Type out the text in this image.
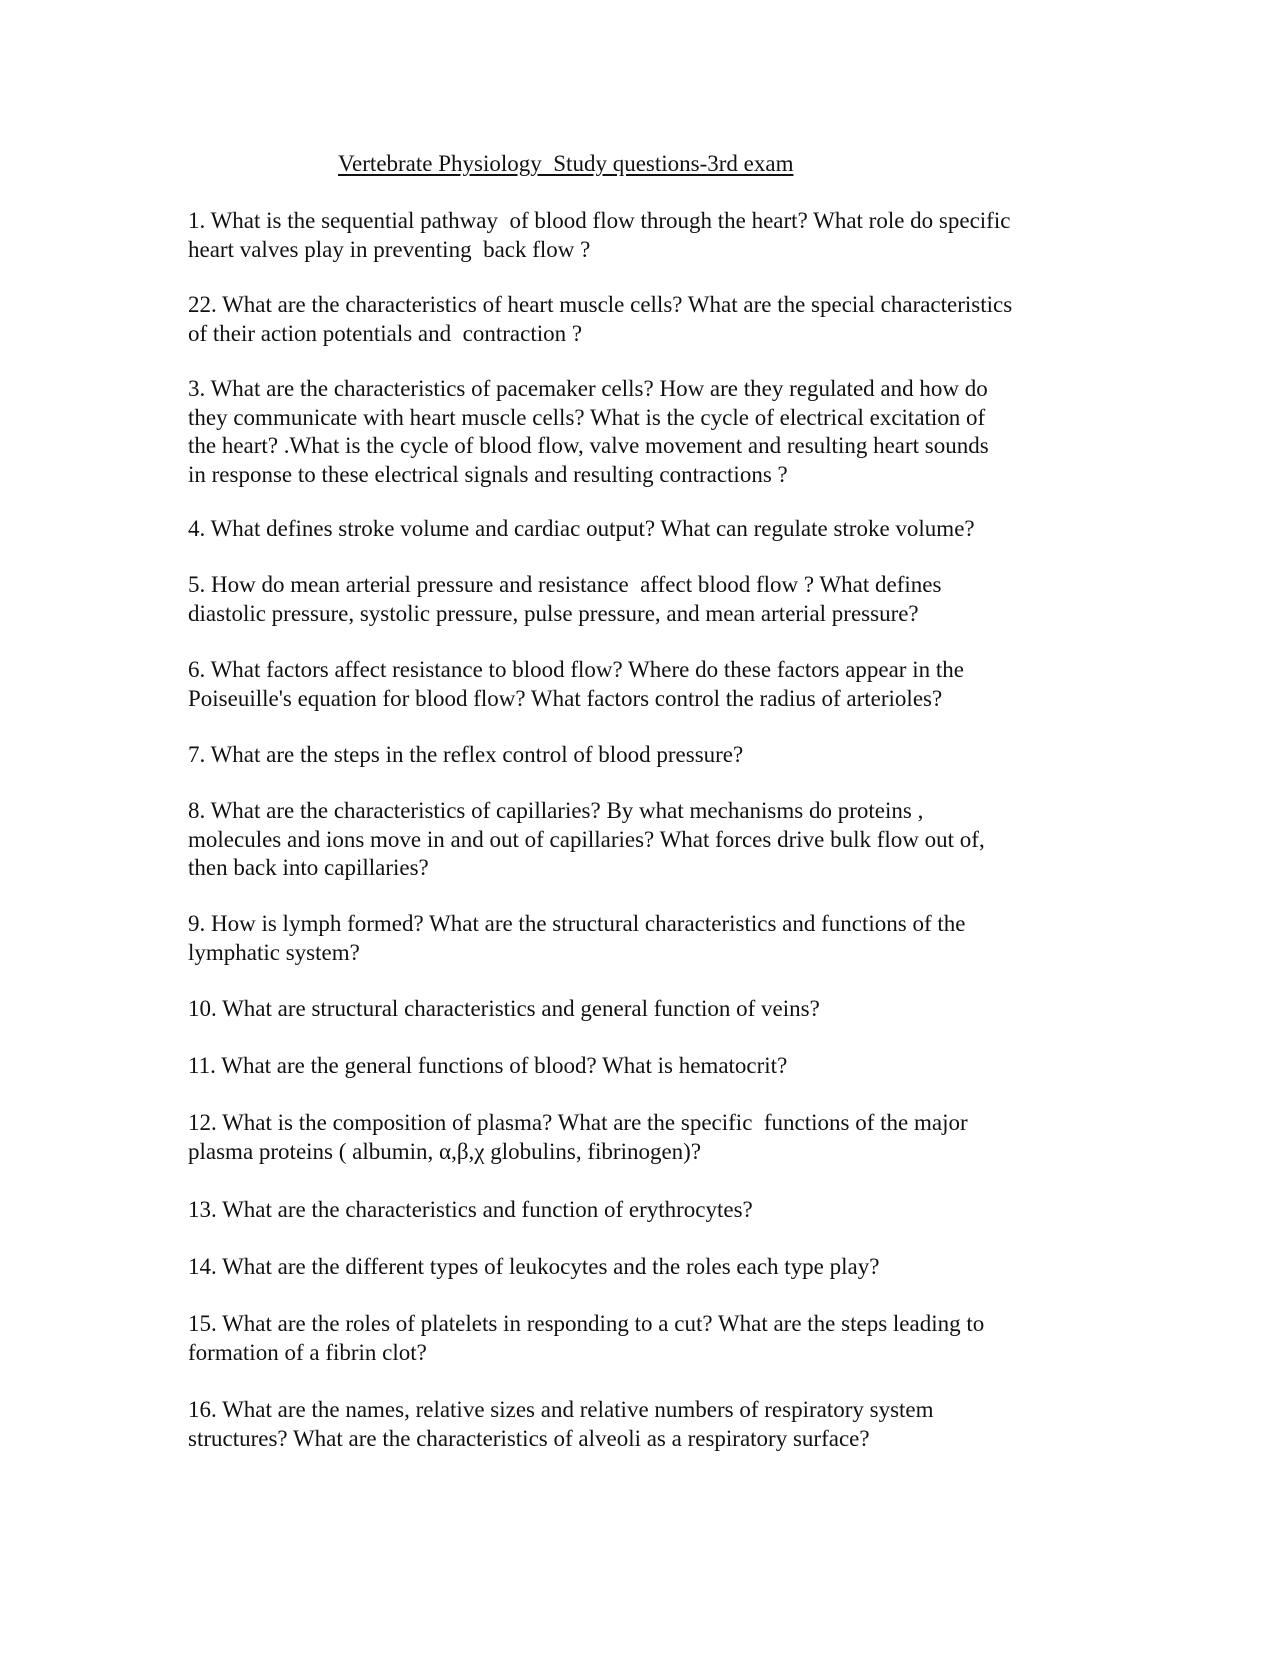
Vertebrate Physiology  Study questions-3rd exam
1. What is the sequential pathway  of blood flow through the heart? What role do specific
heart valves play in preventing  back flow ?
22. What are the characteristics of heart muscle cells? What are the special characteristics
of their action potentials and  contraction ?
3. What are the characteristics of pacemaker cells? How are they regulated and how do
they communicate with heart muscle cells? What is the cycle of electrical excitation of
the heart? .What is the cycle of blood flow, valve movement and resulting heart sounds
in response to these electrical signals and resulting contractions ?
4. What defines stroke volume and cardiac output? What can regulate stroke volume?
5. How do mean arterial pressure and resistance  affect blood flow ? What defines
diastolic pressure, systolic pressure, pulse pressure, and mean arterial pressure?
6. What factors affect resistance to blood flow? Where do these factors appear in the
Poiseuille's equation for blood flow? What factors control the radius of arterioles?
7. What are the steps in the reflex control of blood pressure?
8. What are the characteristics of capillaries? By what mechanisms do proteins ,
molecules and ions move in and out of capillaries? What forces drive bulk flow out of,
then back into capillaries?
9. How is lymph formed? What are the structural characteristics and functions of the
lymphatic system?
10. What are structural characteristics and general function of veins?
11. What are the general functions of blood? What is hematocrit?
12. What is the composition of plasma? What are the specific  functions of the major
plasma proteins ( albumin, α,β,χ globulins, fibrinogen)?
13. What are the characteristics and function of erythrocytes?
14. What are the different types of leukocytes and the roles each type play?
15. What are the roles of platelets in responding to a cut? What are the steps leading to
formation of a fibrin clot?
16. What are the names, relative sizes and relative numbers of respiratory system
structures? What are the characteristics of alveoli as a respiratory surface?
